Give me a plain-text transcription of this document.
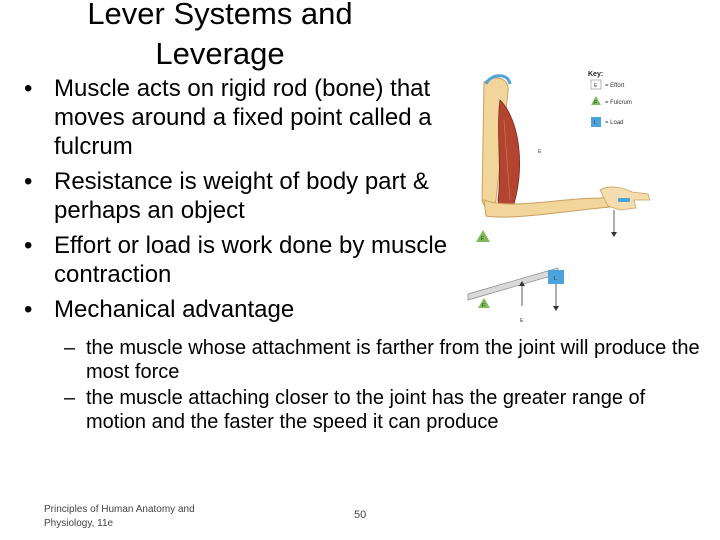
Lever Systems and Leverage
• Muscle acts on rigid rod (bone) that moves around a fixed point called a fulcrum
• Resistance is weight of body part & perhaps an object
• Effort or load is work done by muscle contraction
• Mechanical advantage
– the muscle whose attachment is farther from the joint will produce the most force
– the muscle attaching closer to the joint has the greater range of motion and the faster the speed it can produce
Key:
E = Effort
F = Fulcrum
L = Load
F
E
F
L
E
Principles of Human Anatomy and Physiology, 11e
50
